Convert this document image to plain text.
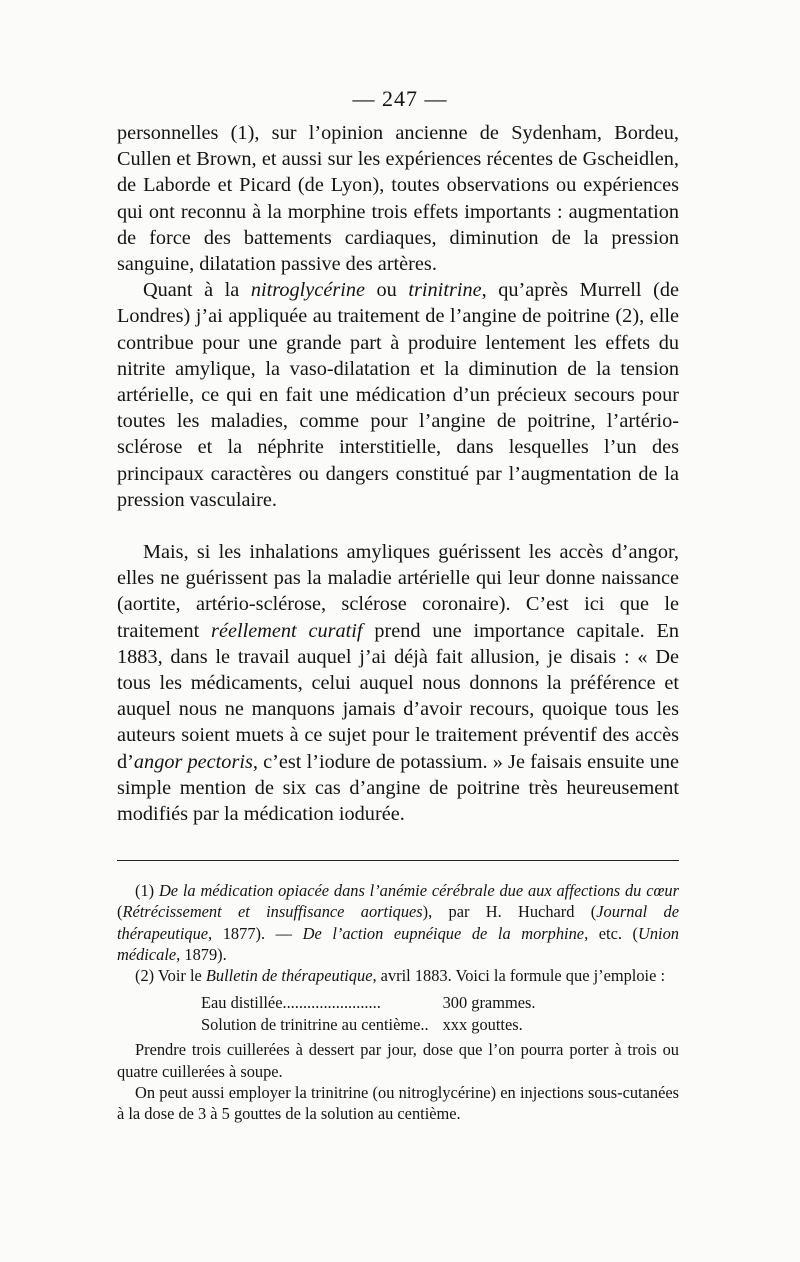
— 247 —

personnelles (1), sur l’opinion ancienne de Sydenham, Bordeu, Cullen et Brown, et aussi sur les expériences récentes de Gscheidlen, de Laborde et Picard (de Lyon), toutes observations ou expériences qui ont reconnu à la morphine trois effets importants : augmentation de force des battements cardiaques, diminution de la pression sanguine, dilatation passive des artères.

Quant à la nitroglycérine ou trinitrine, qu’après Murrell (de Londres) j’ai appliquée au traitement de l’angine de poitrine (2), elle contribue pour une grande part à produire lentement les effets du nitrite amylique, la vaso-dilatation et la diminution de la tension artérielle, ce qui en fait une médication d’un précieux secours pour toutes les maladies, comme pour l’angine de poitrine, l’artério-sclérose et la néphrite interstitielle, dans lesquelles l’un des principaux caractères ou dangers constitué par l’augmentation de la pression vasculaire.

Mais, si les inhalations amyliques guérissent les accès d’angor, elles ne guérissent pas la maladie artérielle qui leur donne naissance (aortite, artério-sclérose, sclérose coronaire). C’est ici que le traitement réellement curatif prend une importance capitale. En 1883, dans le travail auquel j’ai déjà fait allusion, je disais : « De tous les médicaments, celui auquel nous donnons la préférence et auquel nous ne manquons jamais d’avoir recours, quoique tous les auteurs soient muets à ce sujet pour le traitement préventif des accès d’angor pectoris, c’est l’iodure de potassium. » Je faisais ensuite une simple mention de six cas d’angine de poitrine très heureusement modifiés par la médication iodurée.

(1) De la médication opiacée dans l’anémie cérébrale due aux affections du cœur (Rétrécissement et insuffisance aortiques), par H. Huchard (Journal de thérapeutique, 1877). — De l’action eupnéique de la morphine, etc. (Union médicale, 1879).

(2) Voir le Bulletin de thérapeutique, avril 1883. Voici la formule que j’emploie :

Eau distillée........................	300 grammes.
Solution de trinitrine au centième..	xxx gouttes.

Prendre trois cuillerées à dessert par jour, dose que l’on pourra porter à trois ou quatre cuillerées à soupe.

On peut aussi employer la trinitrine (ou nitroglycérine) en injections sous-cutanées à la dose de 3 à 5 gouttes de la solution au centième.
